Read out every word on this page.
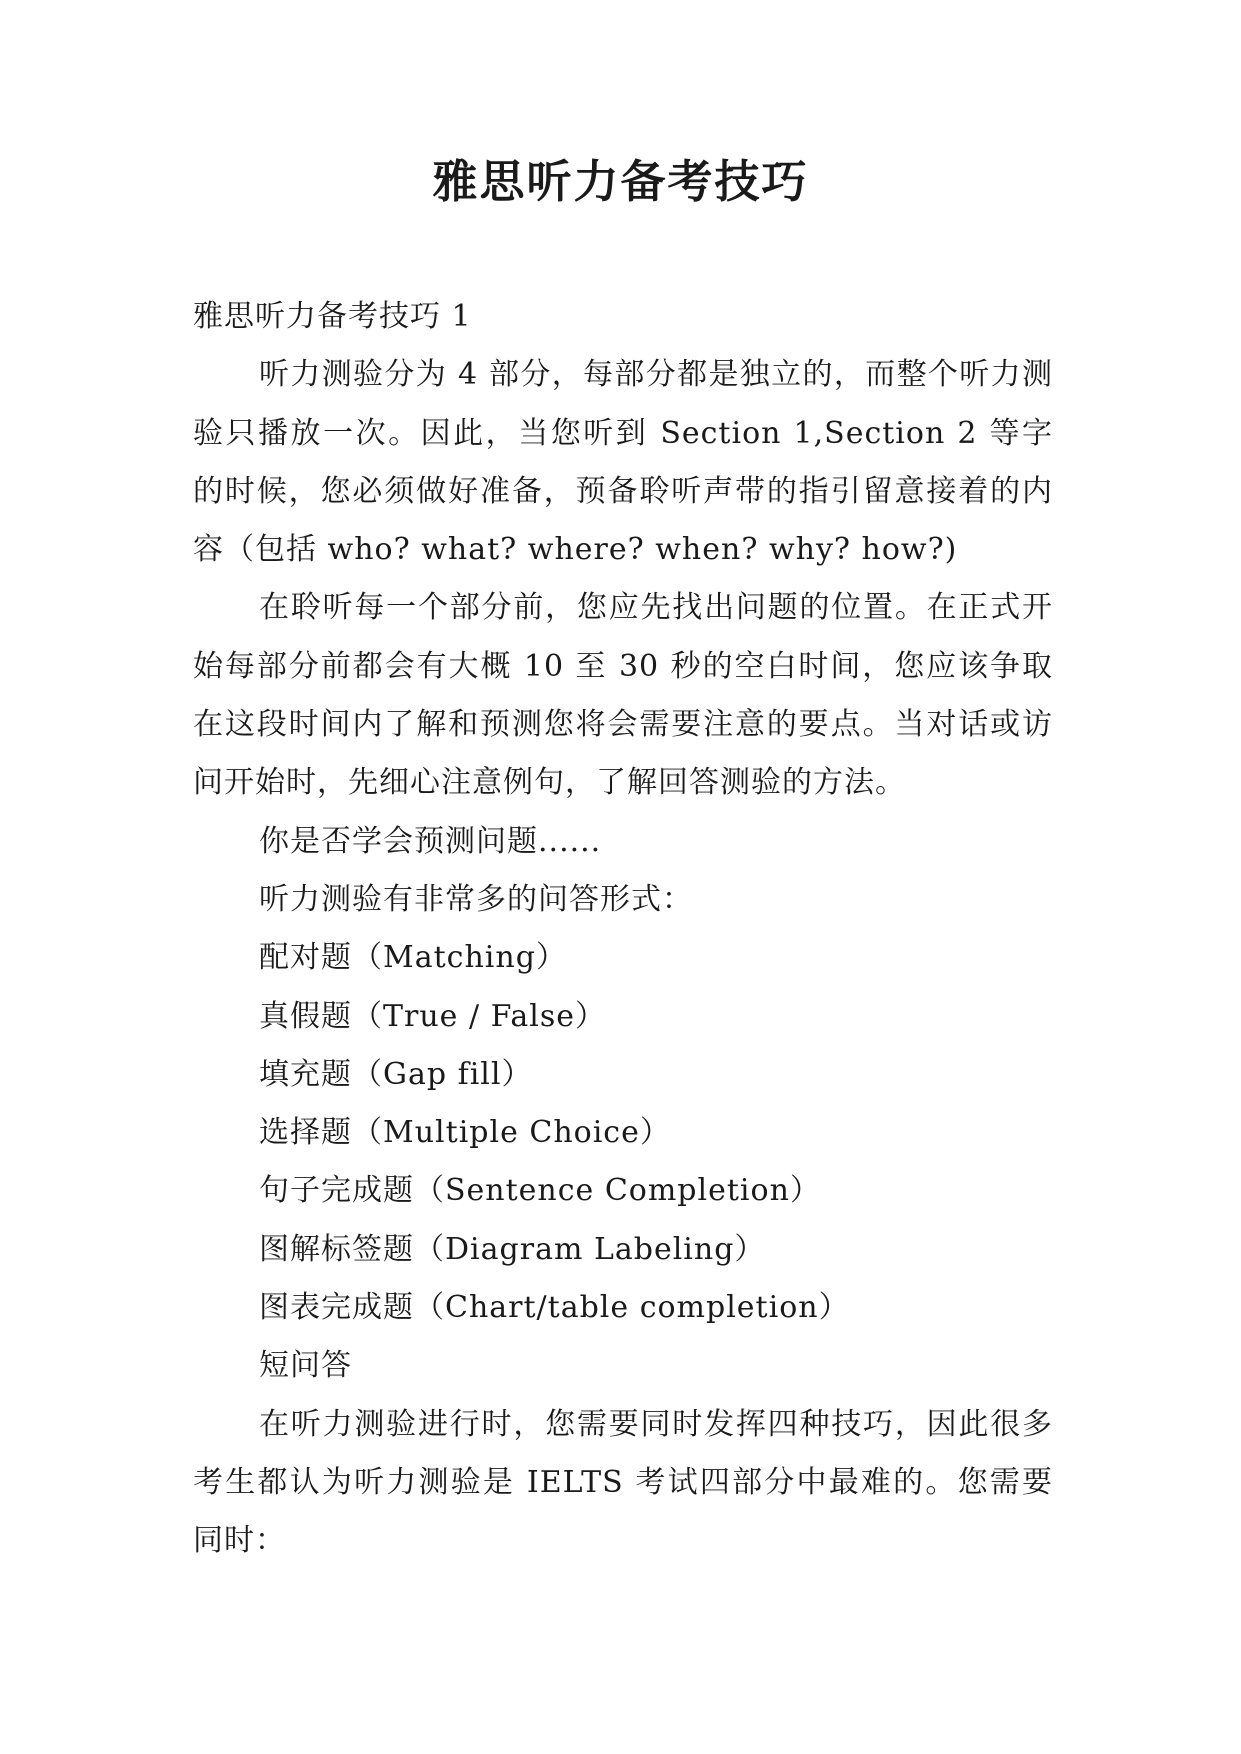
雅思听力备考技巧

雅思听力备考技巧 1

听力测验分为 4 部分，每部分都是独立的，而整个听力测验只播放一次。因此，当您听到 Section 1,Section 2 等字的时候，您必须做好准备，预备聆听声带的指引留意接着的内容（包括 who? what? where? when? why? how?)

在聆听每一个部分前，您应先找出问题的位置。在正式开始每部分前都会有大概 10 至 30 秒的空白时间，您应该争取在这段时间内了解和预测您将会需要注意的要点。当对话或访问开始时，先细心注意例句，了解回答测验的方法。

你是否学会预测问题......

听力测验有非常多的问答形式：

配对题（Matching）

真假题（True / False）

填充题（Gap fill）

选择题（Multiple Choice）

句子完成题（Sentence Completion）

图解标签题（Diagram Labeling）

图表完成题（Chart/table completion）

短问答

在听力测验进行时，您需要同时发挥四种技巧，因此很多考生都认为听力测验是 IELTS 考试四部分中最难的。您需要同时：
